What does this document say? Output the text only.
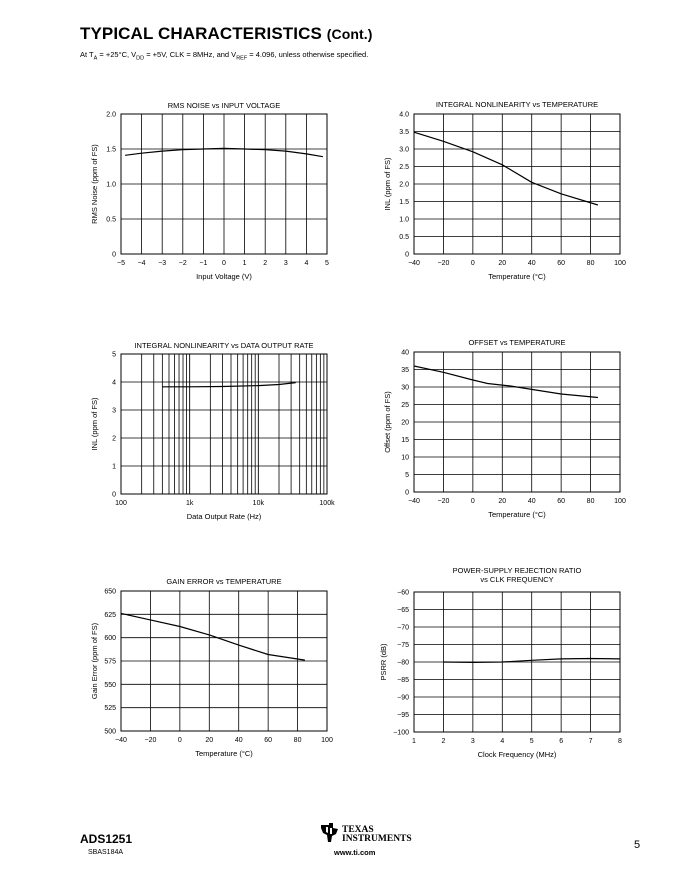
TYPICAL CHARACTERISTICS (Cont.)
At $T_A = +25^\circ C$, $V_{DD} = +5V$, CLK = 8MHz, and $V_{REF} = 4.096$, unless otherwise specified.
−5 −4 −3 −2 −1 0 1 2 3 4 5
0
0.5
1.0
1.5
2.0
RMS NOISE vs INPUT VOLTAGE
Input Voltage (V)
RMS Noise (ppm of FS)
−40	−20	0	20	40	60	80	100
0
0.5
1.0
1.5
2.0
2.5
3.0
3.5
4.0
INTEGRAL NONLINEARITY vs TEMPERATURE
Temperature (°C)
INL (ppm of FS)
100	1k	10k	100k
0
1
2
3
4
5
INTEGRAL NONLINEARITY vs DATA OUTPUT RATE
Data Output Rate (Hz)
INL (ppm of FS)
−40	−20	0	20	40	60	80	100
0
5
10
15
20
25
30
35
40
OFFSET vs TEMPERATURE
Temperature (°C)
Offset (ppm of FS)
−40	−20	0	20	40	60	80	100
500
525
550
575
600
625
650
GAIN ERROR vs TEMPERATURE
Temperature (°C)
Gain Error (ppm of FS)
1	2	3	4	5	6	7	8
−100
−95
−90
−85
−80
−75
−70
−65
−60
POWER-SUPPLY REJECTION RATIO
vs CLK FREQUENCY
Clock Frequency (MHz)
PSRR (dB)
ADS1251
SBAS184A
TEXAS
INSTRUMENTS
www.ti.com
5
